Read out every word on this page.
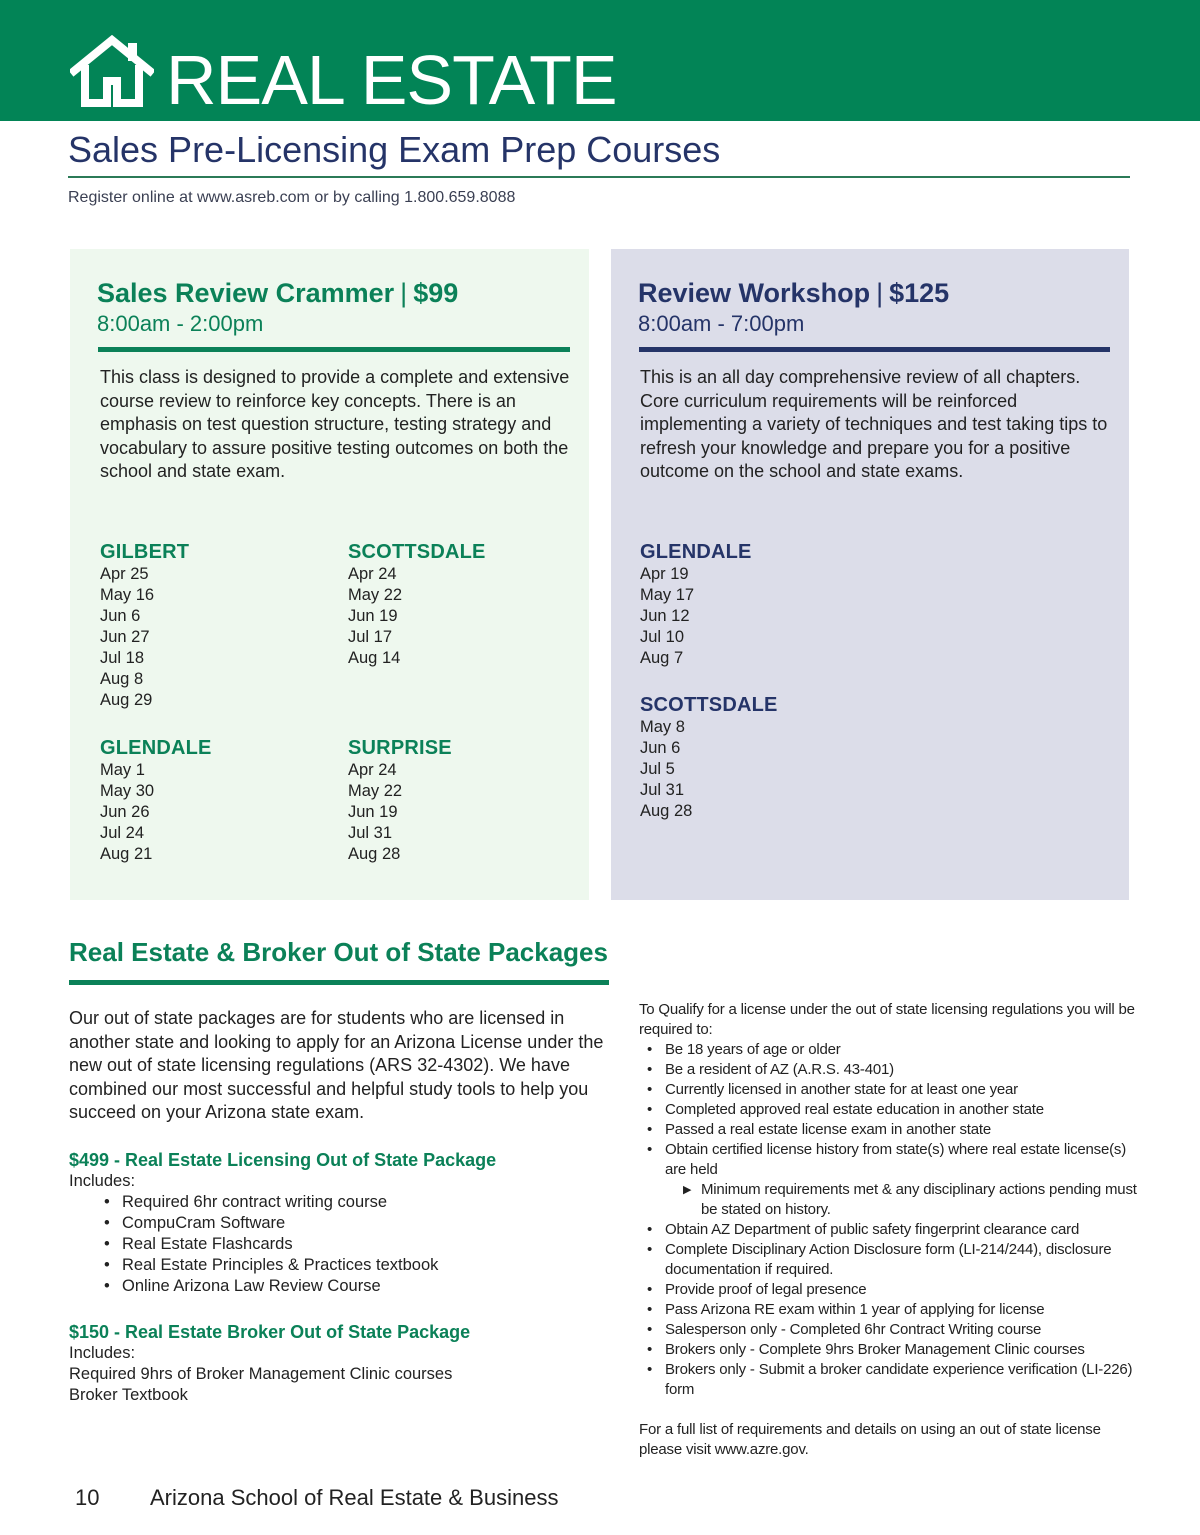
REAL ESTATE
Sales Pre-Licensing Exam Prep Courses
Register online at www.asreb.com or by calling 1.800.659.8088
Sales Review Crammer | $99
8:00am - 2:00pm
This class is designed to provide a complete and extensive course review to reinforce key concepts. There is an emphasis on test question structure, testing strategy and vocabulary to assure positive testing outcomes on both the school and state exam.
GILBERT
Apr 25
May 16
Jun 6
Jun 27
Jul 18
Aug 8
Aug 29
SCOTTSDALE
Apr 24
May 22
Jun 19
Jul 17
Aug 14
GLENDALE
May 1
May 30
Jun 26
Jul 24
Aug 21
SURPRISE
Apr 24
May 22
Jun 19
Jul 31
Aug 28
Review Workshop | $125
8:00am - 7:00pm
This is an all day comprehensive review of all chapters. Core curriculum requirements will be reinforced implementing a variety of techniques and test taking tips to refresh your knowledge and prepare you for a positive outcome on the school and state exams.
GLENDALE
Apr 19
May 17
Jun 12
Jul 10
Aug 7
SCOTTSDALE
May 8
Jun 6
Jul 5
Jul 31
Aug 28
Real Estate & Broker Out of State Packages
Our out of state packages are for students who are licensed in another state and looking to apply for an Arizona License under the new out of state licensing regulations (ARS 32-4302). We have combined our most successful and helpful study tools to help you succeed on your Arizona state exam.
$499 - Real Estate Licensing Out of State Package
Includes:
• Required 6hr contract writing course
• CompuCram Software
• Real Estate Flashcards
• Real Estate Principles & Practices textbook
• Online Arizona Law Review Course
$150 - Real Estate Broker Out of State Package
Includes:
Required 9hrs of Broker Management Clinic courses
Broker Textbook
To Qualify for a license under the out of state licensing regulations you will be required to:
• Be 18 years of age or older
• Be a resident of AZ (A.R.S. 43-401)
• Currently licensed in another state for at least one year
• Completed approved real estate education in another state
• Passed a real estate license exam in another state
• Obtain certified license history from state(s) where real estate license(s) are held
▶ Minimum requirements met & any disciplinary actions pending must be stated on history.
• Obtain AZ Department of public safety fingerprint clearance card
• Complete Disciplinary Action Disclosure form (LI-214/244), disclosure documentation if required.
• Provide proof of legal presence
• Pass Arizona RE exam within 1 year of applying for license
• Salesperson only - Completed 6hr Contract Writing course
• Brokers only - Complete 9hrs Broker Management Clinic courses
• Brokers only - Submit a broker candidate experience verification (LI-226) form
For a full list of requirements and details on using an out of state license please visit www.azre.gov.
10 Arizona School of Real Estate & Business
